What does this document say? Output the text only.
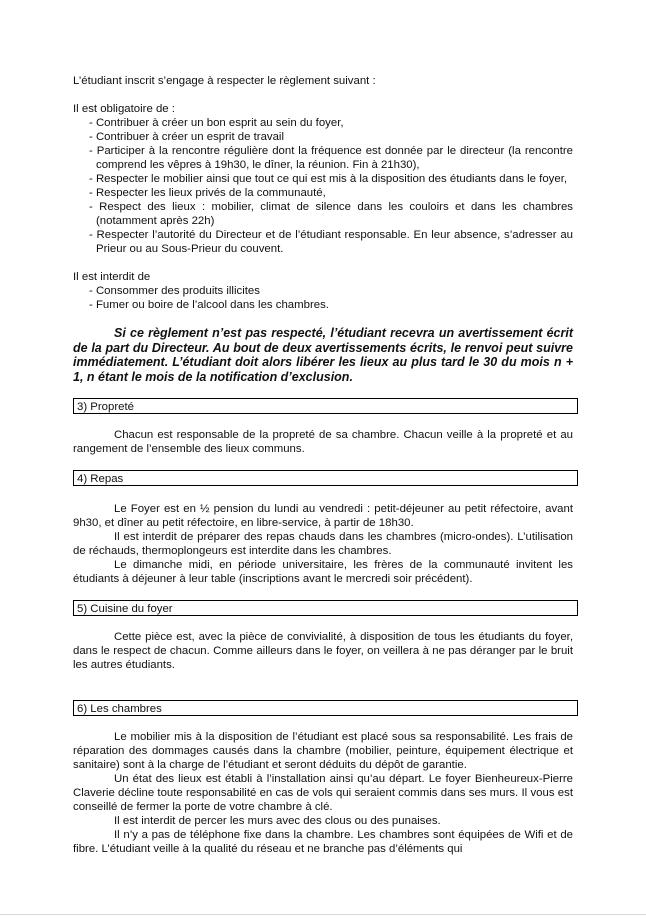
L’étudiant inscrit s’engage à respecter le règlement suivant :

Il est obligatoire de :

- Contribuer à créer un bon esprit au sein du foyer,
- Contribuer à créer un esprit de travail
- Participer à la rencontre régulière dont la fréquence est donnée par le directeur (la rencontre comprend les vêpres à 19h30, le dîner, la réunion. Fin à 21h30),
- Respecter le mobilier ainsi que tout ce qui est mis à la disposition des étudiants dans le foyer,
- Respecter les lieux privés de la communauté,
- Respect des lieux : mobilier, climat de silence dans les couloirs et dans les chambres (notamment après 22h)
- Respecter l’autorité du Directeur et de l’étudiant responsable. En leur absence, s’adresser au Prieur ou au Sous-Prieur du couvent.

Il est interdit de

- Consommer des produits illicites
- Fumer ou boire de l’alcool dans les chambres.

Si ce règlement n’est pas respecté, l’étudiant recevra un avertissement écrit de la part du Directeur. Au bout de deux avertissements écrits, le renvoi peut suivre immédiatement. L’étudiant doit alors libérer les lieux au plus tard le 30 du mois n + 1, n étant le mois de la notification d’exclusion.

3) Propreté

Chacun est responsable de la propreté de sa chambre. Chacun veille à la propreté et au rangement de l’ensemble des lieux communs.

4) Repas

Le Foyer est en ½ pension du lundi au vendredi : petit-déjeuner au petit réfectoire, avant 9h30, et dîner au petit réfectoire, en libre-service, à partir de 18h30.

Il est interdit de préparer des repas chauds dans les chambres (micro-ondes). L’utilisation de réchauds, thermoplongeurs est interdite dans les chambres.

Le dimanche midi, en période universitaire, les frères de la communauté invitent les étudiants à déjeuner à leur table (inscriptions avant le mercredi soir précédent).

5) Cuisine du foyer

Cette pièce est, avec la pièce de convivialité, à disposition de tous les étudiants du foyer, dans le respect de chacun. Comme ailleurs dans le foyer, on veillera à ne pas déranger par le bruit les autres étudiants.

6) Les chambres

Le mobilier mis à la disposition de l’étudiant est placé sous sa responsabilité. Les frais de réparation des dommages causés dans la chambre (mobilier, peinture, équipement électrique et sanitaire) sont à la charge de l’étudiant et seront déduits du dépôt de garantie.

Un état des lieux est établi à l’installation ainsi qu’au départ. Le foyer Bienheureux-Pierre Claverie décline toute responsabilité en cas de vols qui seraient commis dans ses murs. Il vous est conseillé de fermer la porte de votre chambre à clé.

Il est interdit de percer les murs avec des clous ou des punaises.

Il n’y a pas de téléphone fixe dans la chambre. Les chambres sont équipées de Wifi et de fibre. L’étudiant veille à la qualité du réseau et ne branche pas d’éléments qui
